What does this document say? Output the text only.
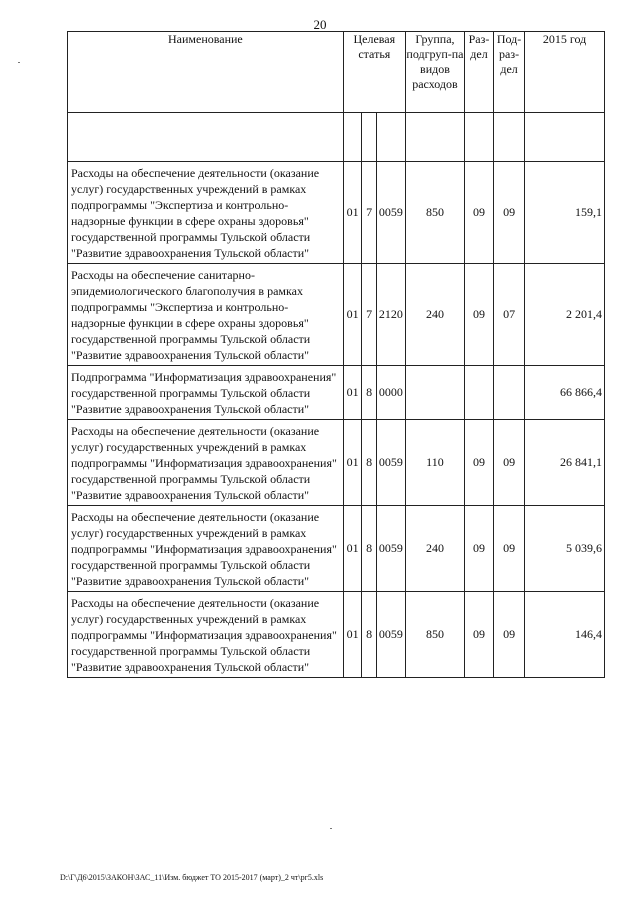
20
Наименование	Целевая статья			Группа, подгруп-па видов расходов	Раз-дел	Под-раз-дел	2015 год

Расходы на обеспечение деятельности (оказание услуг) государственных учреждений в рамках подпрограммы "Экспертиза и контрольно-надзорные функции в сфере охраны здоровья" государственной программы Тульской области "Развитие здравоохранения Тульской области"	01	7	0059	850	09	09	159,1
Расходы на обеспечение санитарно-эпидемиологического благополучия в рамках подпрограммы "Экспертиза и контрольно-надзорные функции в сфере охраны здоровья" государственной программы Тульской области "Развитие здравоохранения Тульской области"	01	7	2120	240	09	07	2 201,4
Подпрограмма "Информатизация здравоохранения" государственной программы Тульской области "Развитие здравоохранения Тульской области"	01	8	0000				66 866,4
Расходы на обеспечение деятельности (оказание услуг) государственных учреждений в рамках подпрограммы "Информатизация здравоохранения" государственной программы Тульской области "Развитие здравоохранения Тульской области"	01	8	0059	110	09	09	26 841,1
Расходы на обеспечение деятельности (оказание услуг) государственных учреждений в рамках подпрограммы "Информатизация здравоохранения" государственной программы Тульской области "Развитие здравоохранения Тульской области"	01	8	0059	240	09	09	5 039,6
Расходы на обеспечение деятельности (оказание услуг) государственных учреждений в рамках подпрограммы "Информатизация здравоохранения" государственной программы Тульской области "Развитие здравоохранения Тульской области"	01	8	0059	850	09	09	146,4
D:\Г\Д6\2015\ЗАКОН\ЗАС_11\Изм. бюджет ТО 2015-2017 (март)_2 чт\рг5.xls
